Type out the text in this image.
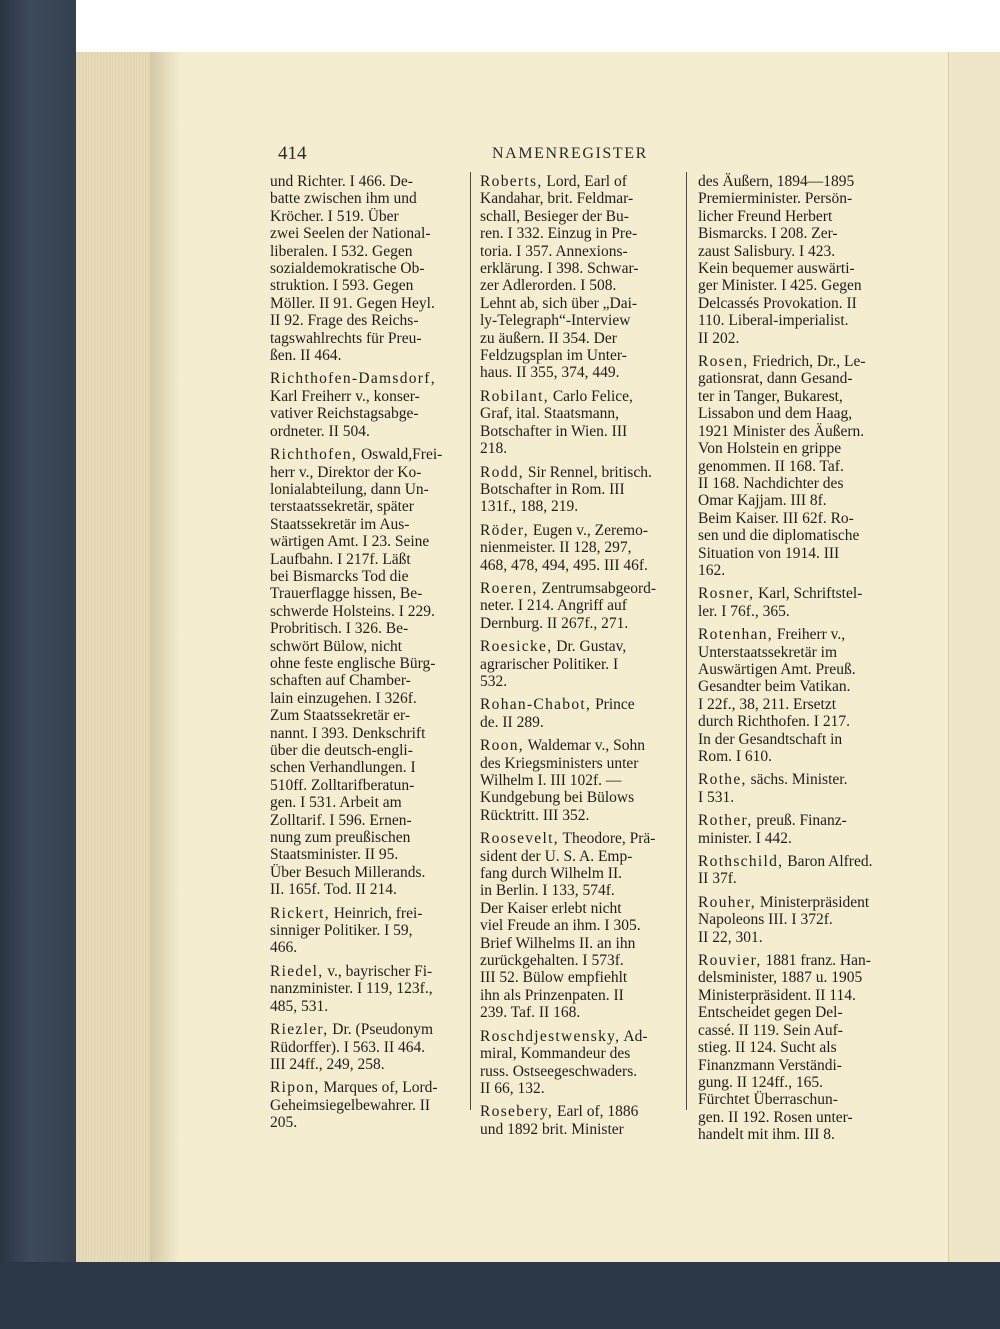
414	NAMENREGISTER
und Richter. I 466. De-
batte zwischen ihm und
Kröcher. I 519. Über
zwei Seelen der National-
liberalen. I 532. Gegen
sozialdemokratische Ob-
struktion. I 593. Gegen
Möller. II 91. Gegen Heyl.
II 92. Frage des Reichs-
tagswahlrechts für Preu-
ßen. II 464.
Richthofen-Damsdorf, Karl Freiherr v., konser-
vativer Reichstagsabge-
ordneter. II 504.
Richthofen, Oswald,Frei-
herr v., Direktor der Ko-
lonialabteilung, dann Un-
terstaatssekretär, später
Staatssekretär im Aus-
wärtigen Amt. I 23. Seine
Laufbahn. I 217f. Läßt
bei Bismarcks Tod die
Trauerflagge hissen, Be-
schwerde Holsteins. I 229.
Probritisch. I 326. Be-
schwört Bülow, nicht
ohne feste englische Bürg-
schaften auf Chamber-
lain einzugehen. I 326f.
Zum Staatssekretär er-
nannt. I 393. Denkschrift
über die deutsch-engli-
schen Verhandlungen. I
510ff. Zolltarifberatun-
gen. I 531. Arbeit am
Zolltarif. I 596. Ernen-
nung zum preußischen
Staatsminister. II 95.
Über Besuch Millerands.
II. 165f. Tod. II 214.
Rickert, Heinrich, frei-
sinniger Politiker. I 59,
466.
Riedel, v., bayrischer Fi-
nanzminister. I 119, 123f.,
485, 531.
Riezler, Dr. (Pseudonym
Rüdorffer). I 563. II 464.
III 24ff., 249, 258.
Ripon, Marques of, Lord-
Geheimsiegelbewahrer. II
205.
Roberts, Lord, Earl of
Kandahar, brit. Feldmar-
schall, Besieger der Bu-
ren. I 332. Einzug in Pre-
toria. I 357. Annexions-
erklärung. I 398. Schwar-
zer Adlerorden. I 508.
Lehnt ab, sich über „Dai-
ly-Telegraph“-Interview
zu äußern. II 354. Der
Feldzugsplan im Unter-
haus. II 355, 374, 449.
Robilant, Carlo Felice,
Graf, ital. Staatsmann,
Botschafter in Wien. III
218.
Rodd, Sir Rennel, britisch.
Botschafter in Rom. III
131f., 188, 219.
Röder, Eugen v., Zeremo-
nienmeister. II 128, 297,
468, 478, 494, 495. III 46f.
Roeren, Zentrumsabgeord-
neter. I 214. Angriff auf
Dernburg. II 267f., 271.
Roesicke, Dr. Gustav,
agrarischer Politiker. I
532.
Rohan-Chabot, Prince
de. II 289.
Roon, Waldemar v., Sohn
des Kriegsministers unter
Wilhelm I. III 102f. —
Kundgebung bei Bülows
Rücktritt. III 352.
Roosevelt, Theodore, Prä-
sident der U. S. A. Emp-
fang durch Wilhelm II.
in Berlin. I 133, 574f.
Der Kaiser erlebt nicht
viel Freude an ihm. I 305.
Brief Wilhelms II. an ihn
zurückgehalten. I 573f.
III 52. Bülow empfiehlt
ihn als Prinzenpaten. II
239. Taf. II 168.
Roschdjestwensky, Ad-
miral, Kommandeur des
russ. Ostseegeschwaders.
II 66, 132.
Rosebery, Earl of, 1886
und 1892 brit. Minister
des Äußern, 1894—1895
Premierminister. Persön-
licher Freund Herbert
Bismarcks. I 208. Zer-
zaust Salisbury. I 423.
Kein bequemer auswärti-
ger Minister. I 425. Gegen
Delcassés Provokation. II
110. Liberal-imperialist.
II 202.
Rosen, Friedrich, Dr., Le-
gationsrat, dann Gesand-
ter in Tanger, Bukarest,
Lissabon und dem Haag,
1921 Minister des Äußern.
Von Holstein en grippe
genommen. II 168. Taf.
II 168. Nachdichter des
Omar Kajjam. III 8f.
Beim Kaiser. III 62f. Ro-
sen und die diplomatische
Situation von 1914. III
162.
Rosner, Karl, Schriftstel-
ler. I 76f., 365.
Rotenhan, Freiherr v.,
Unterstaatssekretär im
Auswärtigen Amt. Preuß.
Gesandter beim Vatikan.
I 22f., 38, 211. Ersetzt
durch Richthofen. I 217.
In der Gesandtschaft in
Rom. I 610.
Rothe, sächs. Minister.
I 531.
Rother, preuß. Finanz-
minister. I 442.
Rothschild, Baron Alfred.
II 37f.
Rouher, Ministerpräsident
Napoleons III. I 372f.
II 22, 301.
Rouvier, 1881 franz. Han-
delsminister, 1887 u. 1905
Ministerpräsident. II 114.
Entscheidet gegen Del-
cassé. II 119. Sein Auf-
stieg. II 124. Sucht als
Finanzmann Verständi-
gung. II 124ff., 165.
Fürchtet Überraschun-
gen. II 192. Rosen unter-
handelt mit ihm. III 8.
